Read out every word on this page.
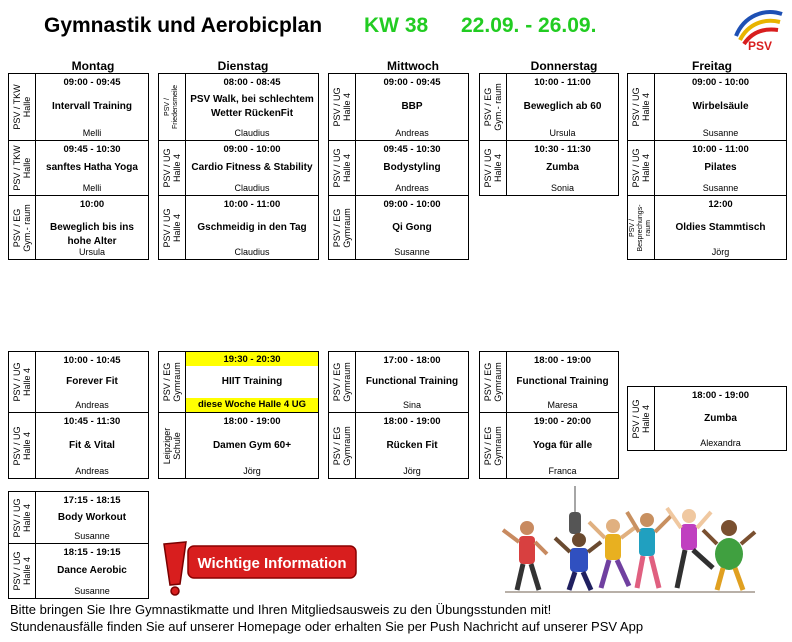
Gymnastik und Aerobicplan KW 38 22.09. - 26.09.
PSV
Montag	Dienstag	Mittwoch	Donnerstag	Freitag
PSV / TKW
Halle
09:00 - 09:45
Intervall Training
Melli
PSV / TKW
Halle
09:45 - 10:30
sanftes Hatha Yoga
Melli
PSV / EG
Gym.- raum	10:00
Beweglich bis ins hohe Alter
Ursula
PSV / UG
Halle 4
10:00 - 10:45
Forever Fit
Andreas
PSV / UG
Halle 4
10:45 - 11:30
Fit & Vital
Andreas
PSV / UG
Halle 4	17:15 - 18:15
Body Workout
Susanne
PSV / UG
Halle 4
18:15 - 19:15
Dance Aerobic
Susanne
PSV /
Friedensmeile
08:00 - 08:45
PSV Walk, bei schlechtem Wetter RückenFit
Claudius
PSV / UG
Halle 4
09:00 - 10:00
Cardio Fitness & Stability
Claudius
PSV / UG
Halle 4
10:00 - 11:00
Gschmeidig in den Tag
Claudius
PSV / EG
Gymraum
19:30 - 20:30
HIIT Training
diese Woche Halle 4 UG
Leipziger
Schule
18:00 - 19:00
Damen Gym 60+
Jörg
PSV / UG
Halle 4
09:00 - 09:45
BBP
Andreas
PSV / UG
Halle 4
09:45 - 10:30
Bodystyling
Andreas
PSV / EG
Gymraum
09:00 - 10:00
Qi Gong
Susanne
PSV / EG
Gymraum
17:00 - 18:00
Functional Training
Sina
PSV / EG
Gymraum
18:00 - 19:00
Rücken Fit
Jörg
PSV / EG
Gym.- raum
10:00 - 11:00
Beweglich ab 60
Ursula
PSV / UG
Halle 4
10:30 - 11:30
Zumba
Sonia
PSV / EG
Gymraum
18:00 - 19:00
Functional Training
Maresa
PSV / EG
Gymraum
19:00 - 20:00
Yoga für alle
Franca
PSV / UG
Halle 4
09:00 - 10:00
Wirbelsäule
Susanne
PSV / UG
Halle 4
10:00 - 11:00
Pilates
Susanne
PSV /
Besprechungs-
raum
12:00
Oldies Stammtisch
Jörg
PSV / UG
Halle 4
18:00 - 19:00
Zumba
Alexandra
Wichtige Information
Bitte bringen Sie Ihre Gymnastikmatte und Ihren Mitgliedsausweis zu den Übungsstunden mit!
Stundenausfälle finden Sie auf unserer Homepage oder erhalten Sie per Push Nachricht auf unserer PSV App
